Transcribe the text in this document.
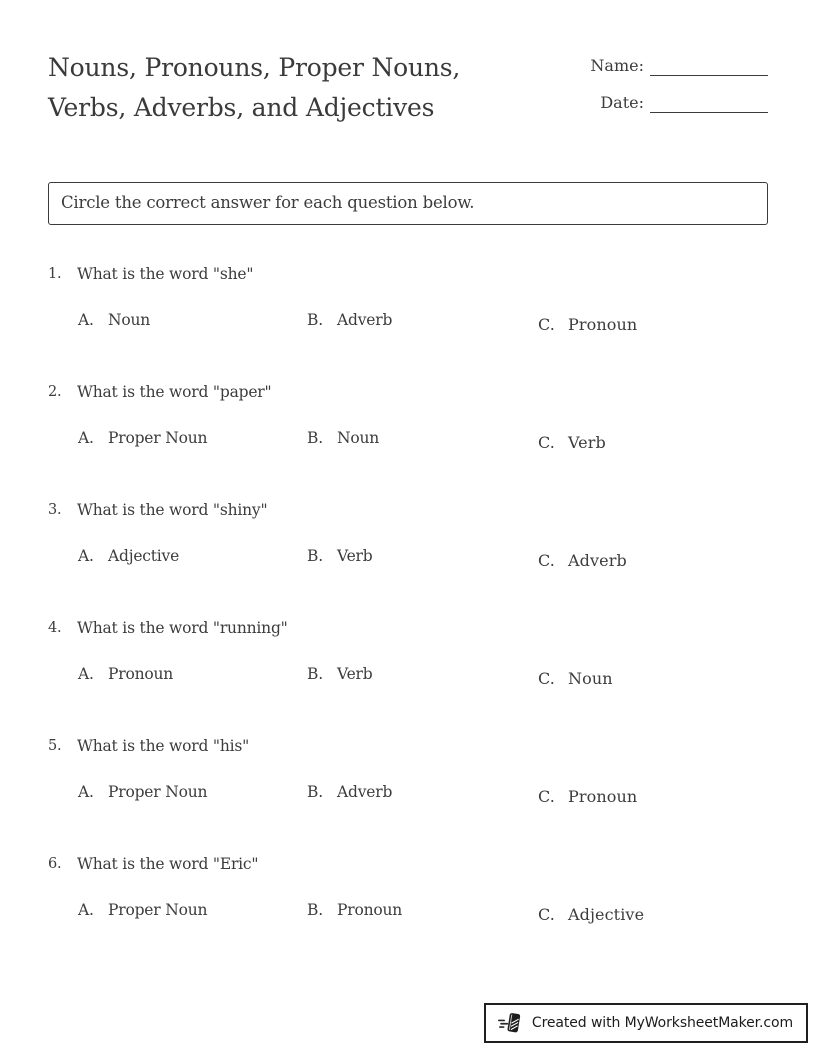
Nouns, Pronouns, Proper Nouns,
Verbs, Adverbs, and Adjectives
Name:
Date:
Circle the correct answer for each question below.
1.	What is the word "she"
A. Noun	B. Adverb	C. Pronoun
2.	What is the word "paper"
A. Proper Noun	B. Noun	C. Verb
3.	What is the word "shiny"
A. Adjective	B. Verb	C. Adverb
4.	What is the word "running"
A. Pronoun	B. Verb	C. Noun
5.	What is the word "his"
A. Proper Noun	B. Adverb	C. Pronoun
6.	What is the word "Eric"
A. Proper Noun	B. Pronoun	C. Adjective
Created with MyWorksheetMaker.com
